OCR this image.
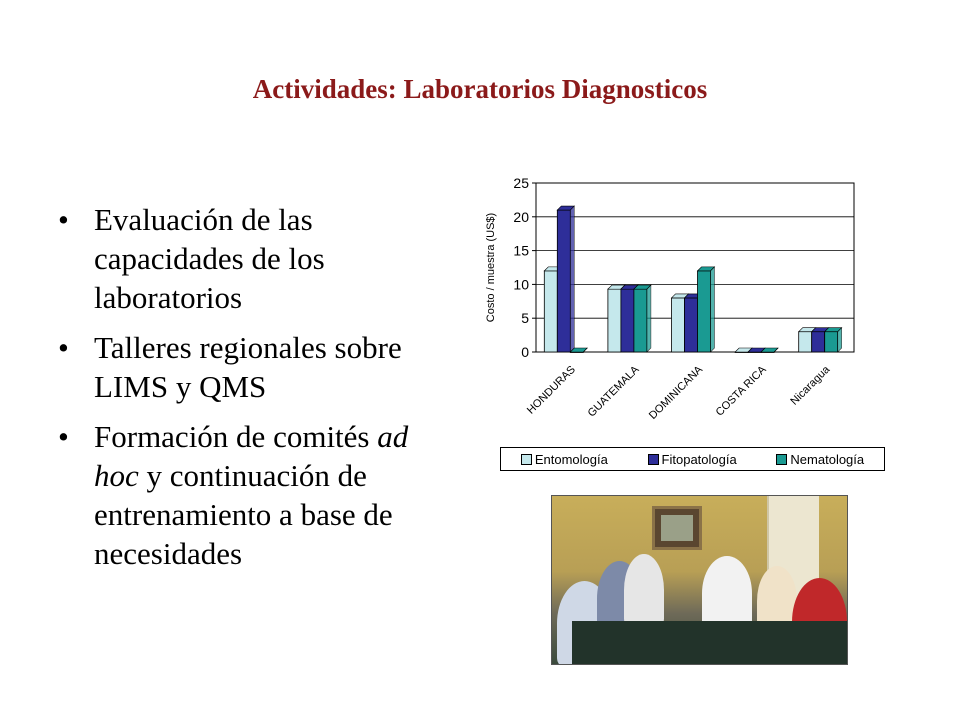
Actividades: Laboratorios Diagnosticos
• Evaluación de las capacidades de los laboratorios
• Talleres regionales sobre LIMS y QMS
• Formación de comités ad hoc y continuación de entrenamiento a base de necesidades
0
5
10
15
20
25
Costo / muestra (US$)
HONDURAS GUATEMALA DOMINICANA COSTA RICA Nicaragua
Entomología	Fitopatología	Nematología
